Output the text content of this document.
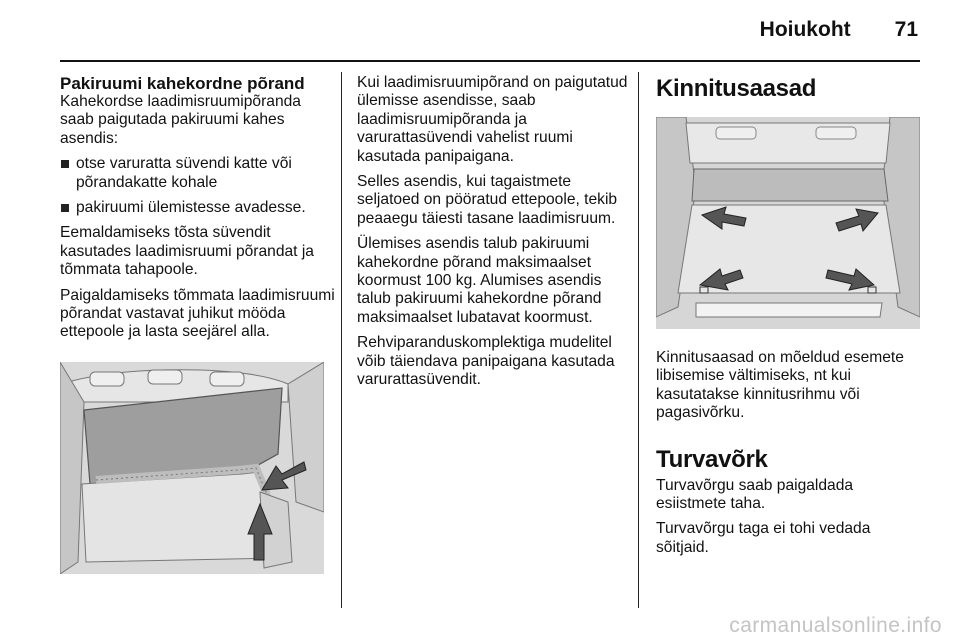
Hoiukoht 71
Pakiruumi kahekordne põrand

Kahekordse laadimisruumipõranda saab paigutada pakiruumi kahes asendis:

otse varuratta süvendi katte või põrandakatte kohale
pakiruumi ülemistesse avadesse.

Eemaldamiseks tõsta süvendit kasutades laadimisruumi põrandat ja tõmmata tahapoole.

Paigaldamiseks tõmmata laadimisruumi põrandat vastavat juhikut mööda ettepoole ja lasta seejärel alla.

Kui laadimisruumipõrand on paigutatud ülemisse asendisse, saab laadimisruumipõranda ja varurattasüvendi vahelist ruumi kasutada panipaigana.

Selles asendis, kui tagaistmete seljatoed on pööratud ettepoole, tekib peaaegu täiesti tasane laadimisruum.

Ülemises asendis talub pakiruumi kahekordne põrand maksimaalset koormust 100 kg. Alumises asendis talub pakiruumi kahekordne põrand maksimaalset lubatavat koormust.

Rehviparanduskomplektiga mudelitel võib täiendava panipaigana kasutada varurattasüvendit.

Kinnitusaasad

Kinnitusaasad on mõeldud esemete libisemise vältimiseks, nt kui kasutatakse kinnitusrihmu või pagasivõrku.

Turvavõrk

Turvavõrgu saab paigaldada esiistmete taha.

Turvavõrgu taga ei tohi vedada sõitjaid.

carmanualsonline.info
